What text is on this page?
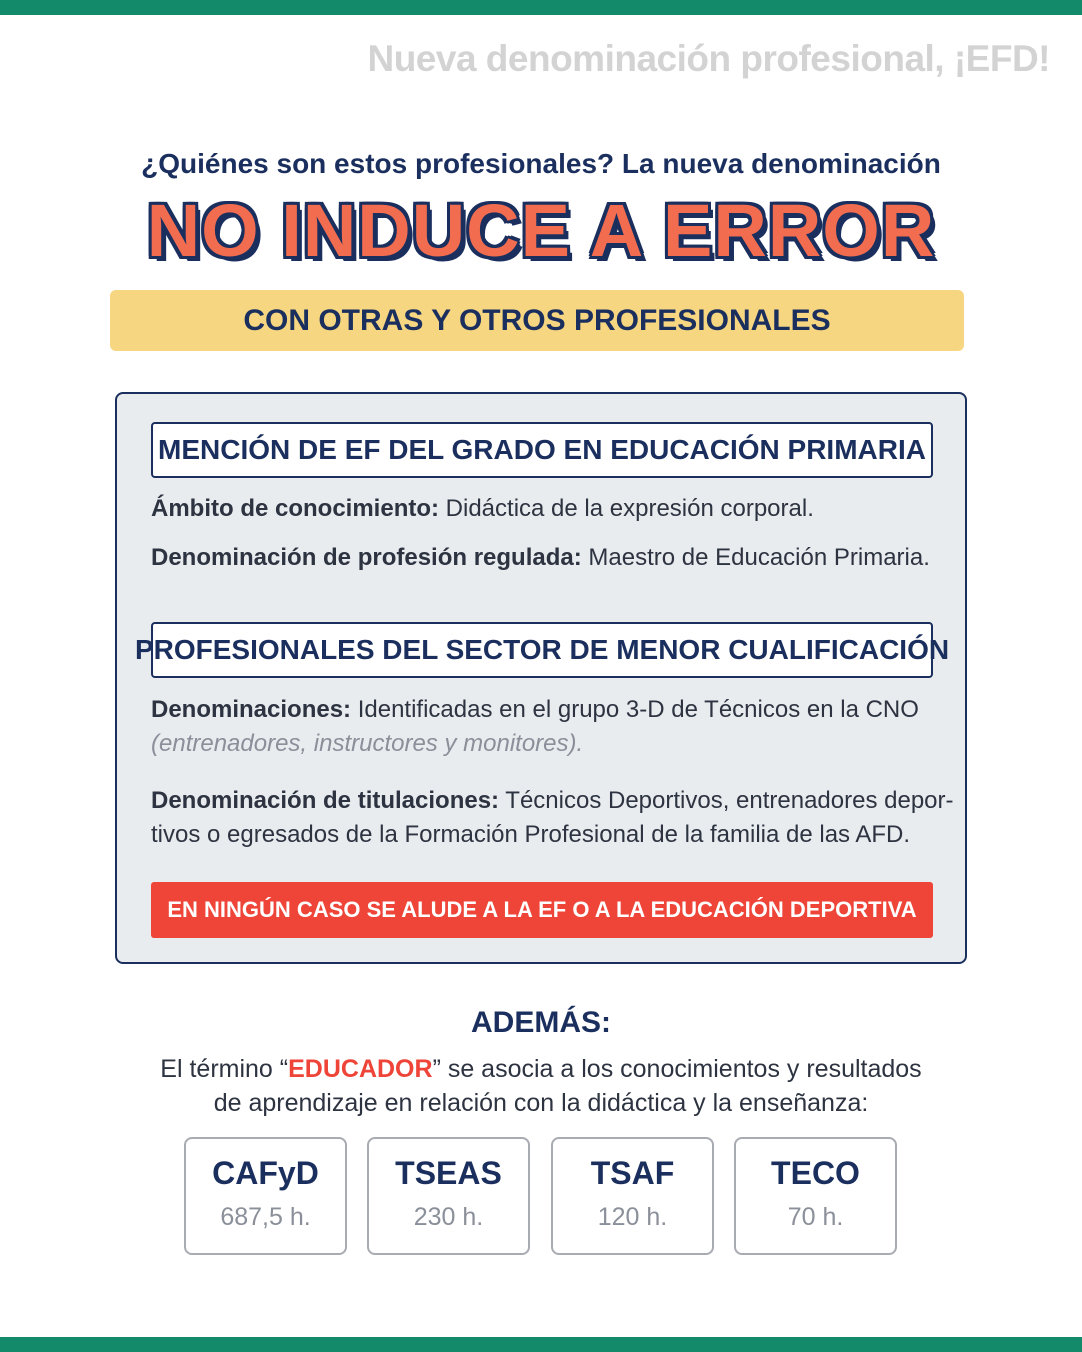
Nueva denominación profesional, ¡EFD!
¿Quiénes son estos profesionales? La nueva denominación
NO INDUCE A ERROR
CON OTRAS Y OTROS PROFESIONALES
MENCIÓN DE EF DEL GRADO EN EDUCACIÓN PRIMARIA
Ámbito de conocimiento: Didáctica de la expresión corporal.
Denominación de profesión regulada: Maestro de Educación Primaria.
PROFESIONALES DEL SECTOR DE MENOR CUALIFICACIÓN
Denominaciones: Identificadas en el grupo 3-D de Técnicos en la CNO
(entrenadores, instructores y monitores).
Denominación de titulaciones: Técnicos Deportivos, entrenadores depor-
tivos o egresados de la Formación Profesional de la familia de las AFD.
EN NINGÚN CASO SE ALUDE A LA EF O A LA EDUCACIÓN DEPORTIVA
ADEMÁS:
El término “EDUCADOR” se asocia a los conocimientos y resultados
de aprendizaje en relación con la didáctica y la enseñanza:
CAFyD
687,5 h.
TSEAS
230 h.
TSAF
120 h.
TECO
70 h.
